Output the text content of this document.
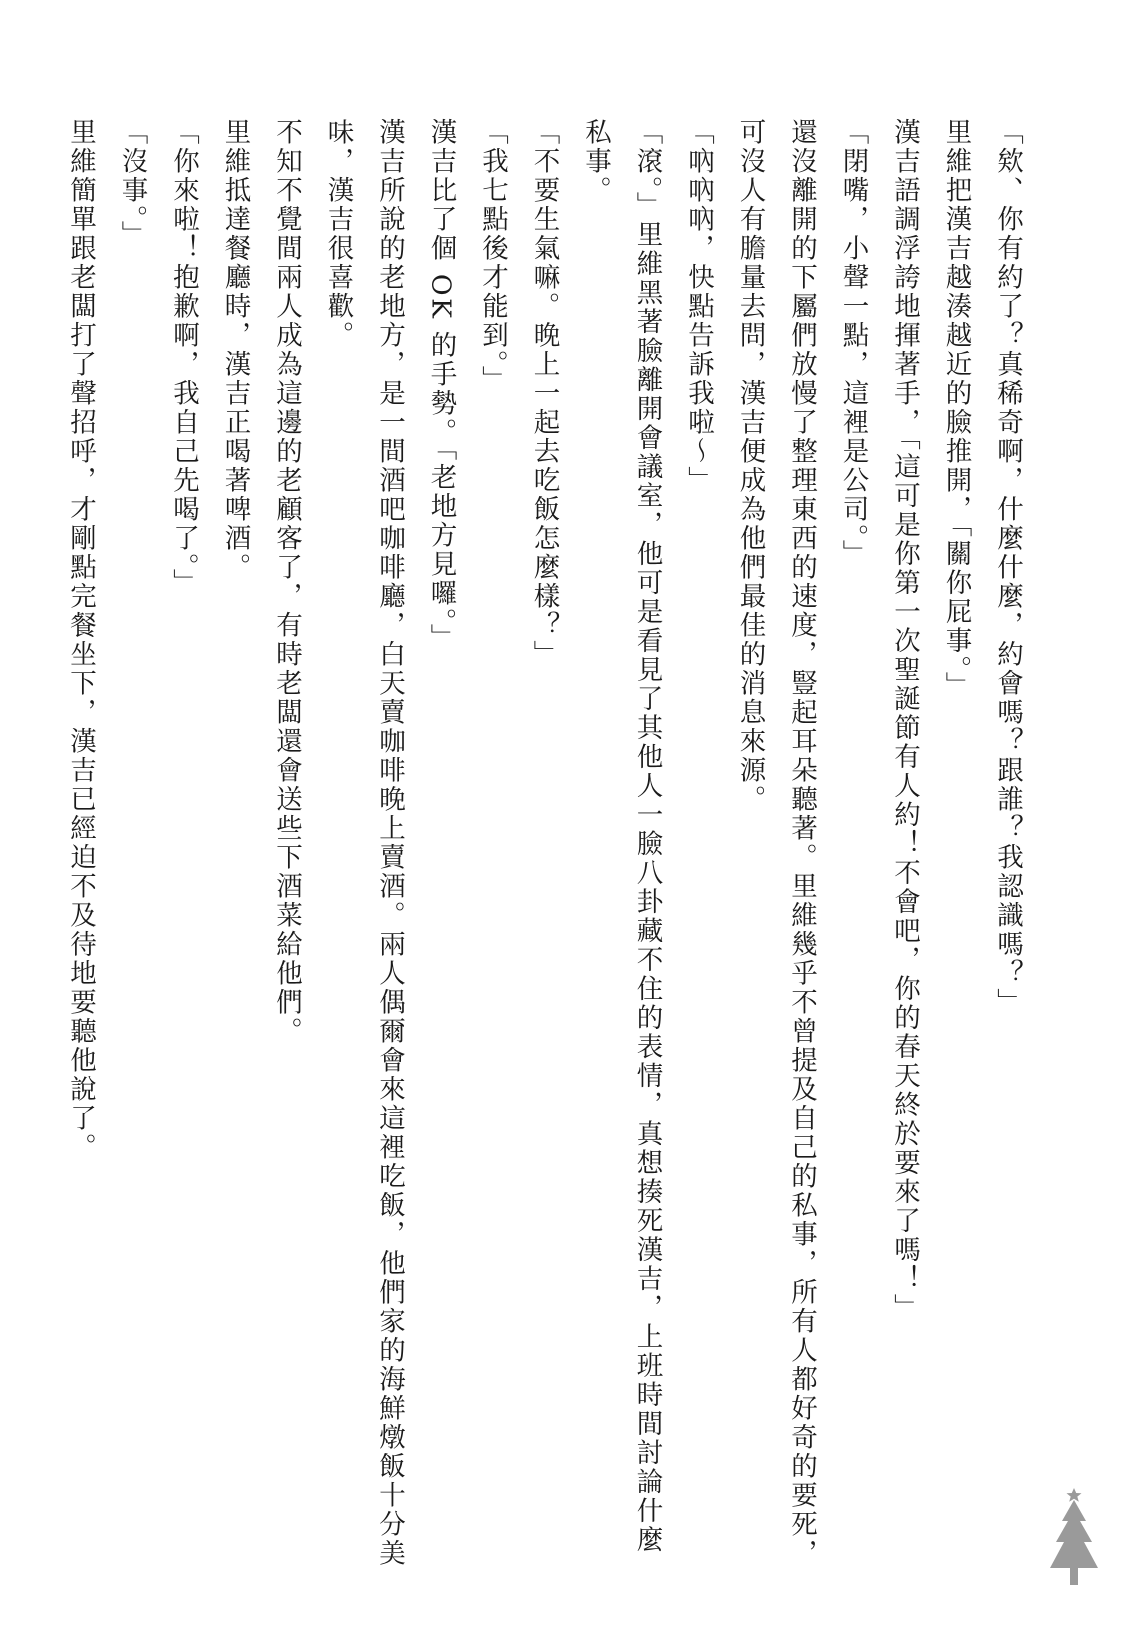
「欸、你有約了？真稀奇啊，什麼什麼，約會嗎？跟誰？我認識嗎？」

里維把漢吉越湊越近的臉推開，「關你屁事。」

漢吉語調浮誇地揮著手，「這可是你第一次聖誕節有人約！不會吧，你的春天終於要來了嗎！」

「閉嘴，小聲一點，這裡是公司。」

還沒離開的下屬們放慢了整理東西的速度，豎起耳朵聽著。里維幾乎不曾提及自己的私事，所有人都好奇的要死，

可沒人有膽量去問，漢吉便成為他們最佳的消息來源。

「吶吶吶，快點告訴我啦～」

「滾。」里維黑著臉離開會議室，他可是看見了其他人一臉八卦藏不住的表情，真想揍死漢吉，上班時間討論什麼

私事。

「不要生氣嘛。晚上一起去吃飯怎麼樣？」

「我七點後才能到。」

漢吉比了個 OK 的手勢。「老地方見囉。」

漢吉所說的老地方，是一間酒吧咖啡廳，白天賣咖啡晚上賣酒。兩人偶爾會來這裡吃飯，他們家的海鮮燉飯十分美

味，漢吉很喜歡。

不知不覺間兩人成為這邊的老顧客了，有時老闆還會送些下酒菜給他們。

里維抵達餐廳時，漢吉正喝著啤酒。

「你來啦！抱歉啊，我自己先喝了。」

「沒事。」

里維簡單跟老闆打了聲招呼，才剛點完餐坐下，漢吉已經迫不及待地要聽他說了。
